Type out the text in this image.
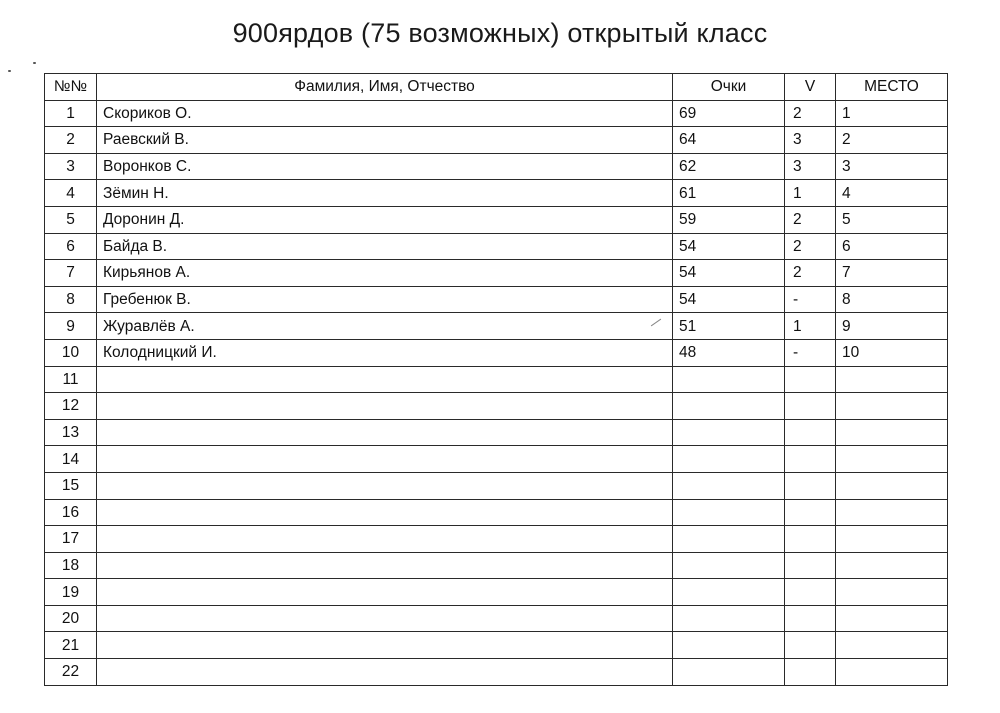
900ярдов (75 возможных) открытый класс
№№	Фамилия, Имя, Отчество	Очки	V	МЕСТО
1	Скориков О.	69	2	1
2	Раевский В.	64	3	2
3	Воронков С.	62	3	3
4	Зёмин Н.	61	1	4
5	Доронин Д.	59	2	5
6	Байда В.	54	2	6
7	Кирьянов А.	54	2	7
8	Гребенюк В.	54	-	8
9	Журавлёв А.	51	1	9
10	Колодницкий И.	48	-	10
11				
12				
13				
14				
15				
16				
17				
18				
19				
20				
21				
22				
